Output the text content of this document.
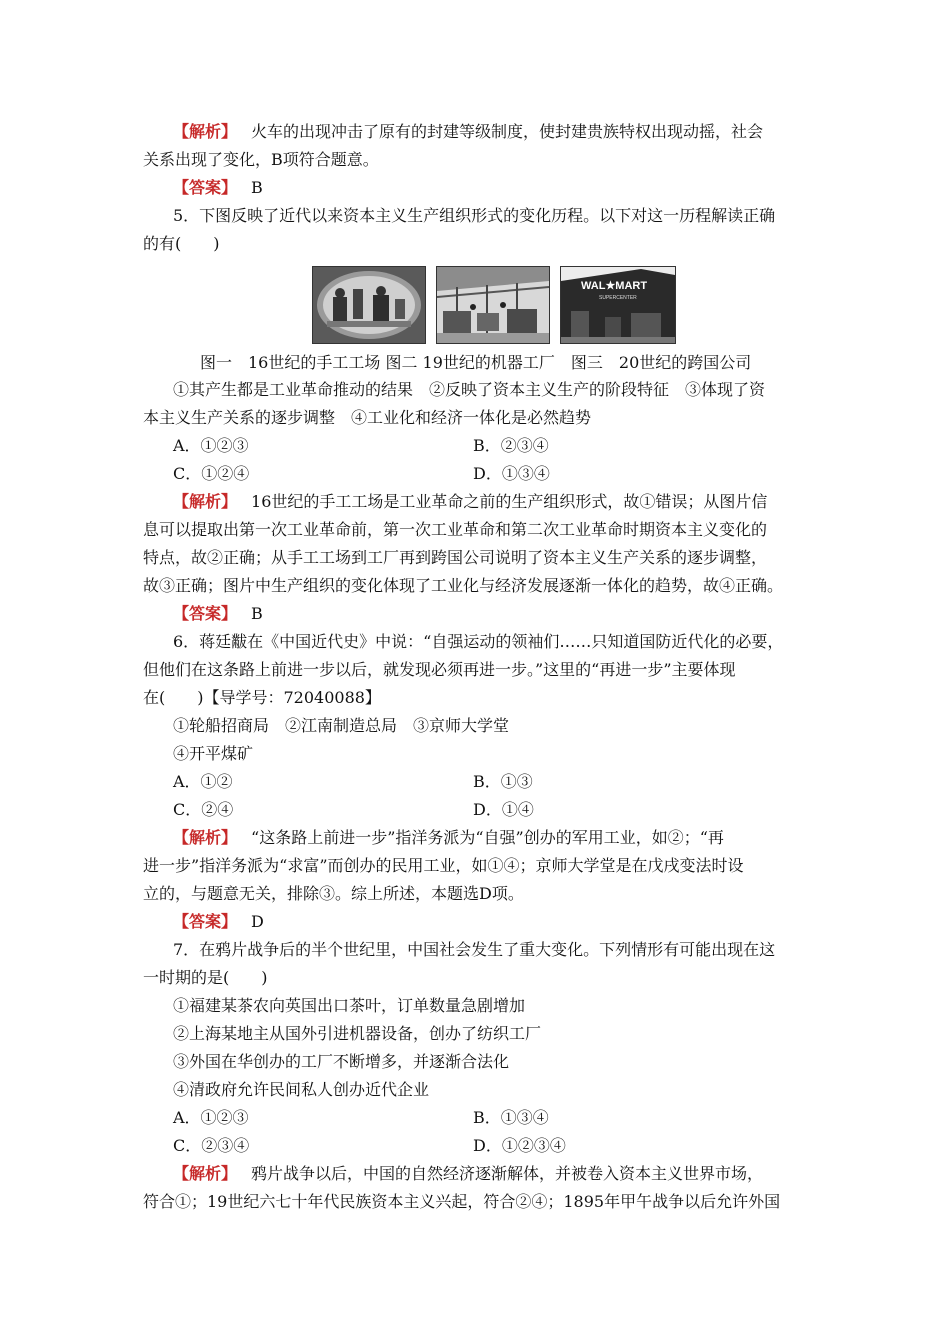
【解析】 火车的出现冲击了原有的封建等级制度，使封建贵族特权出现动摇，社会
关系出现了变化，B项符合题意。
【答案】 B
5．下图反映了近代以来资本主义生产组织形式的变化历程。以下对这一历程解读正确
的有(　　)
WAL★MART
SUPERCENTER
图一　16世纪的手工工场 图二 19世纪的机器工厂　图三　20世纪的跨国公司
①其产生都是工业革命推动的结果　②反映了资本主义生产的阶段特征　③体现了资
本主义生产关系的逐步调整　④工业化和经济一体化是必然趋势
A．①②③	B．②③④
C．①②④	D．①③④
【解析】 16世纪的手工工场是工业革命之前的生产组织形式，故①错误；从图片信
息可以提取出第一次工业革命前，第一次工业革命和第二次工业革命时期资本主义变化的
特点，故②正确；从手工工场到工厂再到跨国公司说明了资本主义生产关系的逐步调整，
故③正确；图片中生产组织的变化体现了工业化与经济发展逐渐一体化的趋势，故④正确。
【答案】 B
6．蒋廷黻在《中国近代史》中说：“自强运动的领袖们……只知道国防近代化的必要，
但他们在这条路上前进一步以后，就发现必须再进一步。”这里的“再进一步”主要体现
在(　　)【导学号：72040088】
①轮船招商局　②江南制造总局　③京师大学堂
④开平煤矿
A．①②	B．①③
C．②④	D．①④
【解析】 “这条路上前进一步”指洋务派为“自强”创办的军用工业，如②；“再
进一步”指洋务派为“求富”而创办的民用工业，如①④；京师大学堂是在戊戌变法时设
立的，与题意无关，排除③。综上所述，本题选D项。
【答案】 D
7．在鸦片战争后的半个世纪里，中国社会发生了重大变化。下列情形有可能出现在这
一时期的是(　　)
①福建某茶农向英国出口茶叶，订单数量急剧增加
②上海某地主从国外引进机器设备，创办了纺织工厂
③外国在华创办的工厂不断增多，并逐渐合法化
④清政府允许民间私人创办近代企业
A．①②③	B．①③④
C．②③④	D．①②③④
【解析】 鸦片战争以后，中国的自然经济逐渐解体，并被卷入资本主义世界市场，
符合①；19世纪六七十年代民族资本主义兴起，符合②④；1895年甲午战争以后允许外国
